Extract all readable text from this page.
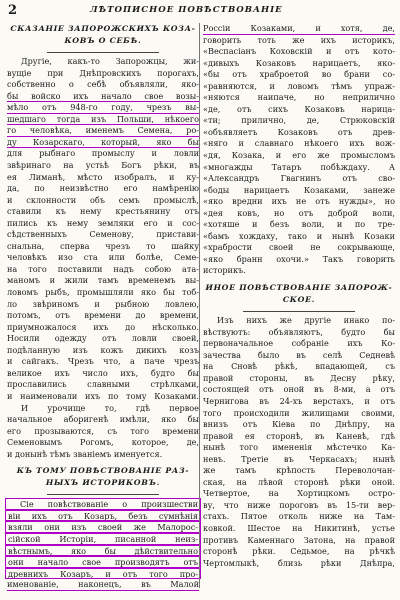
2	ЛѢТОПИСНОЕ ПОВѢСТВОВАНІЕ
СКАЗАНІЕ ЗАПОРОЖСКИХЪ КОЗА-
КОВЪ О СЕБѢ.
Другіе, какъ-то Запорожцы, жи-
вущіе при Днѣпровскихъ порогахъ,
собственно о себѣ объявляли, яко-
бы войско ихъ начало свое возы-
мѣло отъ 948-го году, чрезъ вы-
шедшаго тогда изъ Польши, нѣкоего
го человѣка, именемъ Семена, ро-
ду Козарскаго, который, яко бы
для рыбнаго промыслу и ловли
звѣринаго на устьѣ Богъ рѣки, въ
ея Лиманѣ, мѣсто изобралъ, и ку-
да, по неизвѣстно его намѣренію
и склонности объ семъ промыслѣ,
ставили къ нему крестьянину отъ
пились къ нему земляки его и сос-
сѣдственныхъ Семенову, пристави-
снальна, сперва чрезъ то шайку
человѣкъ изо ста или болѣе, Семе-
на того поставили надъ собою ата-
маномъ и жили тамъ временемъ вы-
ловомъ рыбъ, промышляли яко бы тоб-
ло звѣриномъ и рыбною ловлею,
потомъ, отъ времени до времени,
приумножалося ихъ до нѣсколько.
Носили одежду отъ ловли своей,
подѣланную изъ кожъ дикихъ козъ
и сайгакъ. Чрезъ что, а паче чрезъ
великое ихъ число ихъ, будто бы
прославились славными стрѣлками,
и наименовали ихъ по тому Козаками.
И урочище то, гдѣ первое
начальное аборигенѣ имѣли, яко бы
его прозываются, съ того времени
Семеновымъ Рогомъ, которое, де,
и донынѣ тѣмъ званіемъ именуется.
КЪ ТОМУ ПОВѢСТВОВАНІЕ РАЗ-
НЫХЪ ИСТОРИКОВЪ.
Сіе повѣствованіе о произшестви
віи ихъ отъ Козаръ, безъ сумнѣнія
взяли они изъ своей же Малорос-
сійской Исторіи, писанной неиз-
вѣстнымъ, яко бы дѣйствительно
они начало свое производятъ отъ
древнихъ Козаръ, и отъ того про-
именованіе, наконецъ, въ Малой
Россіи Козаками, и хотя, де,
говорить тоть же ихъ историкъ,
«Веспасіанъ Коховскій и отъ кото-
«дивыхъ Козаковъ нарицаетъ, яко-
«бы отъ храброетой во брани со-
«равняются, и ловомъ тѣмъ упраж-
«няются наипаче, но неприлично
«де, отъ сихъ Козаковъ нарица-
«ти; прилично, де, Стрюковскій
«объявляетъ Козаковъ отъ древ-
«няго и славнаго нѣкоего ихъ вож-
«дя, Козака, и его же промысломъ
«многажды Татаръ побѣждаху. А
«Александръ Гвагнинъ отъ сво-
«боды нарицаетъ Козаками, занеже
«яко вредни ихъ не отъ нужды», но
«дея ковъ, но отъ доброй воли,
«хотяше и безъ воли, и по тре-
«бамъ хождаху, тако и нынѣ Козаки
«храбрости своей не сокрывающе,
«яко бранн охочи.» Такъ говорить
историкъ.
ИНОЕ ПОВѢСТВОВАНІЕ ЗАПОРОЖ-
СКОЕ.
Изъ нихъ же другіе инако по-
вѣствуютъ: объявляютъ, будто бы
первоначальное собраніе ихъ Ко-
зачества было въ селѣ Седневѣ
на Сновѣ рѣкѣ, впадающей, съ
правой стороны, въ Десну рѣку,
состоящей отъ оной въ 8-ми, а отъ
Чернигова въ 24-хъ верстахъ, и отъ
того происходили жилищами своими,
внизъ отъ Кіева по Днѣпру, на
правой ея сторонѣ, въ Каневѣ, гдѣ
нынѣ того имененія мѣстечко Ка-
невъ. Третіе въ Черкасахъ; нынѣ
же тамъ крѣпость Переволочан-
ская, на лѣвой сторонѣ рѣки оной.
Четвертое, на Хортицкомъ остро-
ву, что ниже пороговъ въ 15-ти вер-
стахъ. Пятое отколь ниже на Там-
ковкой. Шестое на Никитинѣ, устье
противъ Каменнаго Затона, на правой
сторонѣ рѣки. Седьмое, на рѣчкѣ
Чертомлыкѣ, близь рѣки Днѣпра,
